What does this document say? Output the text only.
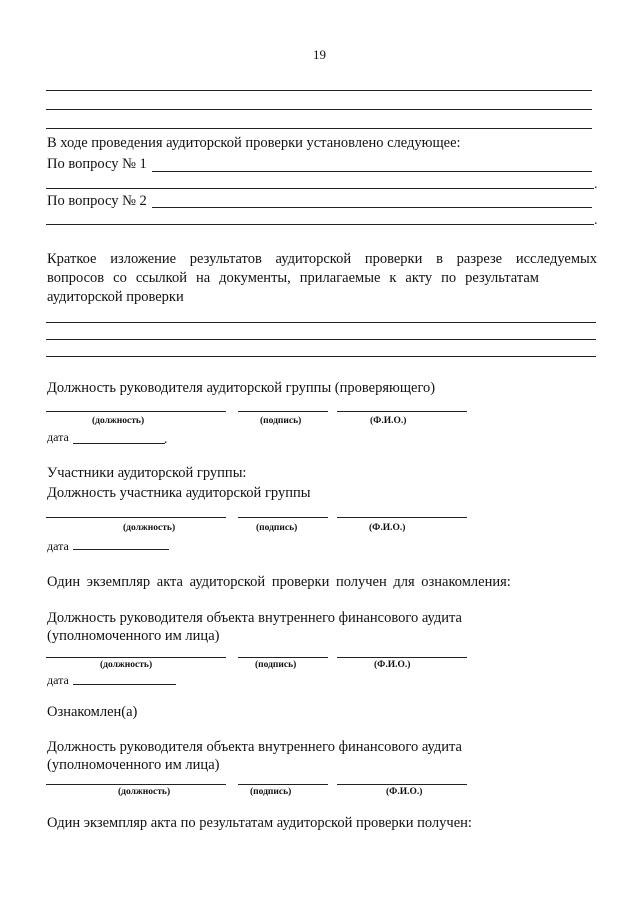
19
В ходе проведения аудиторской проверки установлено следующее:
По вопросу № 1
.
По вопросу № 2
.
Краткое изложение результатов аудиторской проверки в разрезе исследуемых
вопросов со ссылкой на документы, прилагаемые к акту по результатам
аудиторской проверки
Должность руководителя аудиторской группы (проверяющего)
(должность)	(подпись)	(Ф.И.О.)
дата	.
Участники аудиторской группы:
Должность участника аудиторской группы
(должность)	(подпись)	(Ф.И.О.)
дата
Один экземпляр акта аудиторской проверки получен для ознакомления:
Должность руководителя объекта внутреннего финансового аудита
(уполномоченного им лица)
(должность)	(подпись)	(Ф.И.О.)
дата
Ознакомлен(а)
Должность руководителя объекта внутреннего финансового аудита
(уполномоченного им лица)
(должность)	(подпись)	(Ф.И.О.)
Один экземпляр акта по результатам аудиторской проверки получен:
